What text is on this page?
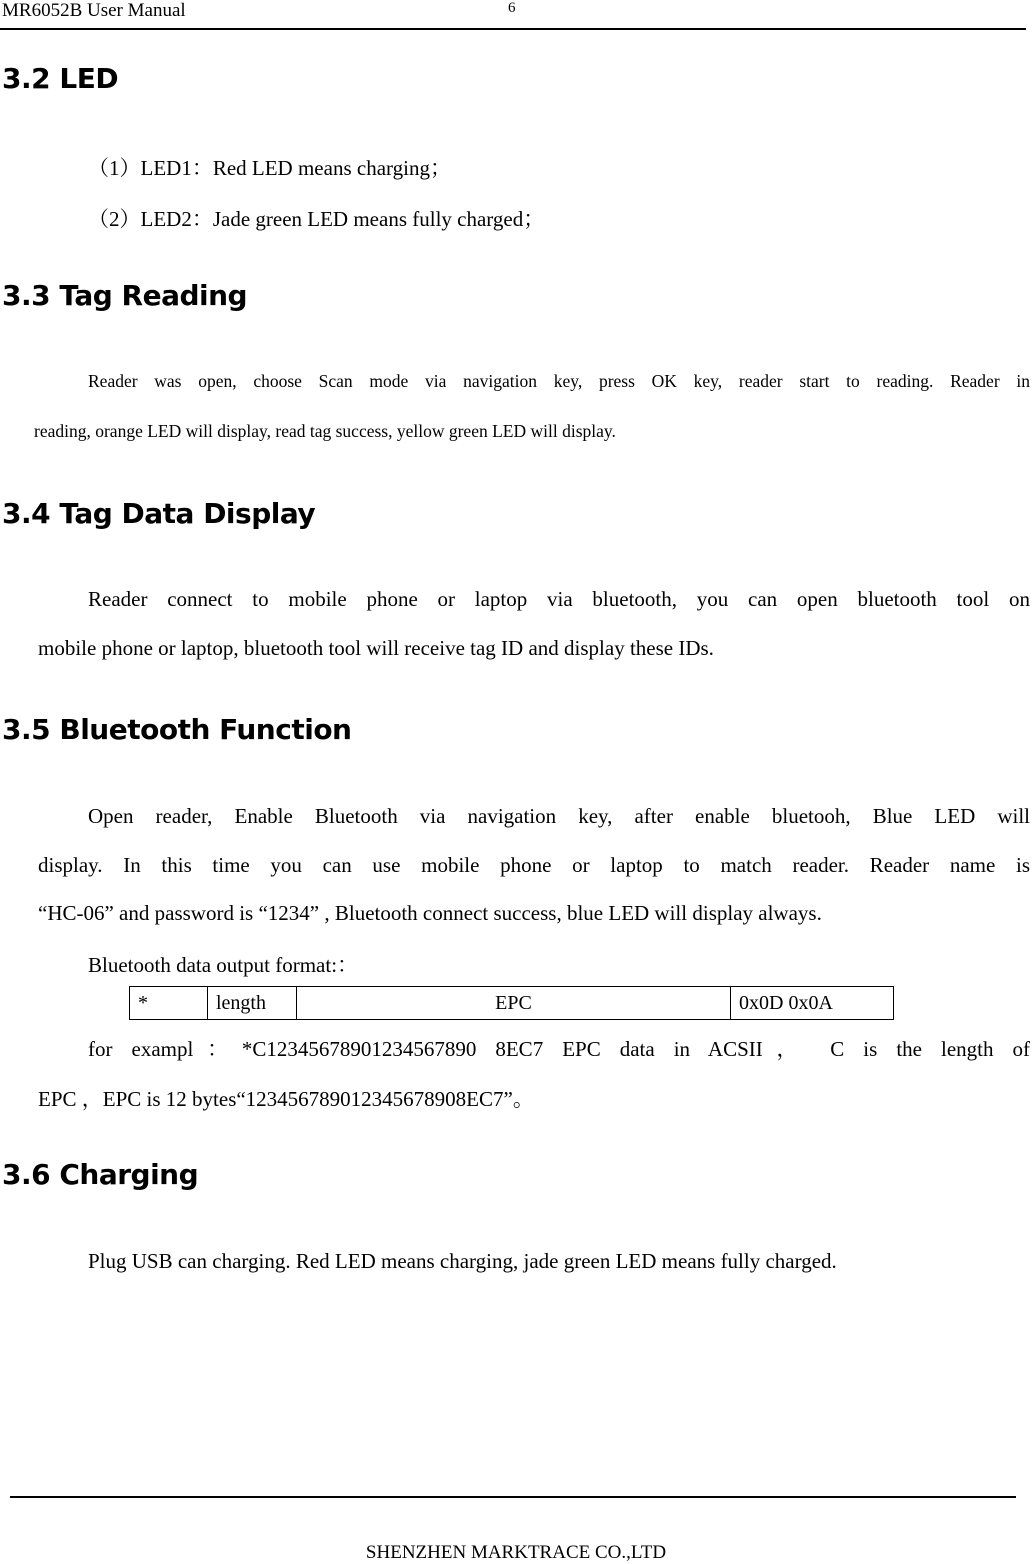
MR6052B User Manual	6
3.2 LED
（1）LED1：Red LED means charging；
（2）LED2：Jade green LED means fully charged；
3.3 Tag Reading
Reader was open, choose Scan mode via navigation key, press OK key, reader start to reading. Reader in
reading, orange LED will display, read tag success, yellow green LED will display.
3.4 Tag Data Display
Reader connect to mobile phone or laptop via bluetooth, you can open bluetooth tool on
mobile phone or laptop, bluetooth tool will receive tag ID and display these IDs.
3.5 Bluetooth Function
Open reader, Enable Bluetooth via navigation key, after enable bluetooh, Blue LED will
display. In this time you can use mobile phone or laptop to match reader. Reader name is
“HC-06” and password is “1234” , Bluetooth connect success, blue LED will display always.
Bluetooth data output format:：
*	length	EPC	0x0D 0x0A
for exampl：*C12345678901234567890 8EC7 EPC data in ACSII， C is the length of
EPC ，EPC is 12 bytes“123456789012345678908EC7”。
3.6 Charging
Plug USB can charging. Red LED means charging, jade green LED means fully charged.
SHENZHEN MARKTRACE CO.,LTD
